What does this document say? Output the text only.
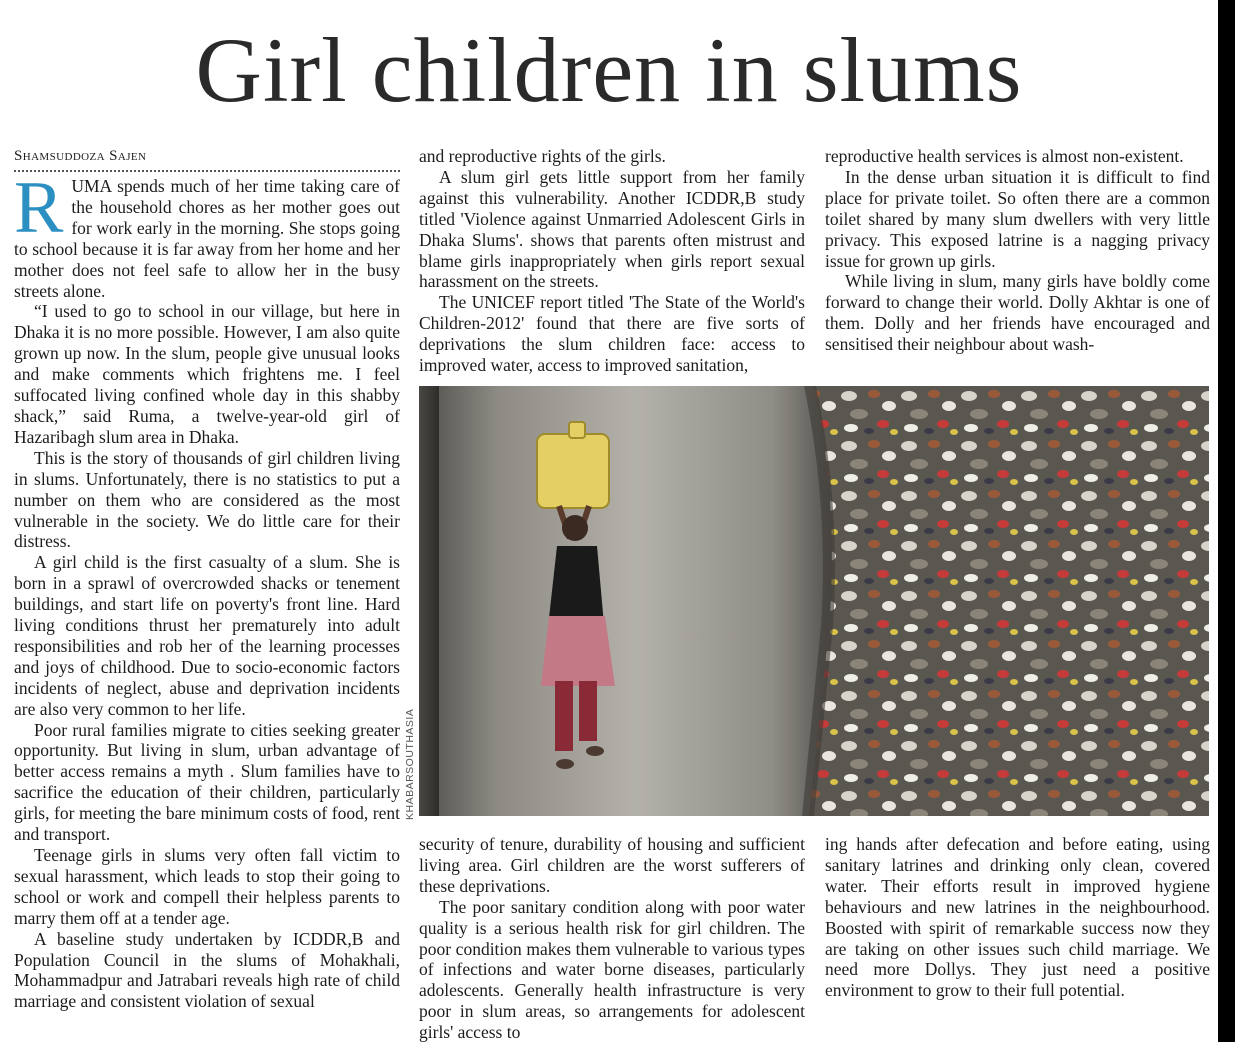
Girl children in slums
Shamsuddoza Sajen

RUMA spends much of her time taking care of the household chores as her mother goes out for work early in the morning. She stops going to school because it is far away from her home and her mother does not feel safe to allow her in the busy streets alone.

“I used to go to school in our village, but here in Dhaka it is no more possible. However, I am also quite grown up now. In the slum, people give unusual looks and make comments which frightens me. I feel suffocated living confined whole day in this shabby shack,” said Ruma, a twelve-year-old girl of Hazaribagh slum area in Dhaka.

This is the story of thousands of girl children living in slums. Unfortunately, there is no statistics to put a number on them who are considered as the most vulnerable in the society. We do little care for their distress.

A girl child is the first casualty of a slum. She is born in a sprawl of overcrowded shacks or tenement buildings, and start life on poverty's front line. Hard living conditions thrust her prematurely into adult responsibilities and rob her of the learning processes and joys of childhood. Due to socio-economic factors incidents of neglect, abuse and deprivation incidents are also very common to her life.

Poor rural families migrate to cities seeking greater opportunity. But living in slum, urban advantage of better access remains a myth . Slum families have to sacrifice the education of their children, particularly girls, for meeting the bare minimum costs of food, rent and transport.

Teenage girls in slums very often fall victim to sexual harassment, which leads to stop their going to school or work and compell their helpless parents to marry them off at a tender age.

A baseline study undertaken by ICDDR,B and Population Council in the slums of Mohakhali, Mohammadpur and Jatrabari reveals high rate of child marriage and consistent violation of sexual

and reproductive rights of the girls.

A slum girl gets little support from her family against this vulnerability. Another ICDDR,B study titled 'Violence against Unmarried Adolescent Girls in Dhaka Slums'. shows that parents often mistrust and blame girls inappropriately when girls report sexual harassment on the streets.

The UNICEF report titled 'The State of the World's Children-2012' found that there are five sorts of deprivations the slum children face: access to improved water, access to improved sanitation,

reproductive health services is almost non-existent.

In the dense urban situation it is difficult to find place for private toilet. So often there are a common toilet shared by many slum dwellers with very little privacy. This exposed latrine is a nagging privacy issue for grown up girls.

While living in slum, many girls have boldly come forward to change their world. Dolly Akhtar is one of them. Dolly and her friends have encouraged and sensitised their neighbour about wash-

KHABARSOUTHASIA

security of tenure, durability of housing and sufficient living area. Girl children are the worst sufferers of these deprivations.

The poor sanitary condition along with poor water quality is a serious health risk for girl children. The poor condition makes them vulnerable to various types of infections and water borne diseases, particularly adolescents. Generally health infrastructure is very poor in slum areas, so arrangements for adolescent girls' access to

ing hands after defecation and before eating, using sanitary latrines and drinking only clean, covered water. Their efforts result in improved hygiene behaviours and new latrines in the neighbourhood. Boosted with spirit of remarkable success now they are taking on other issues such child marriage. We need more Dollys. They just need a positive environment to grow to their full potential.
